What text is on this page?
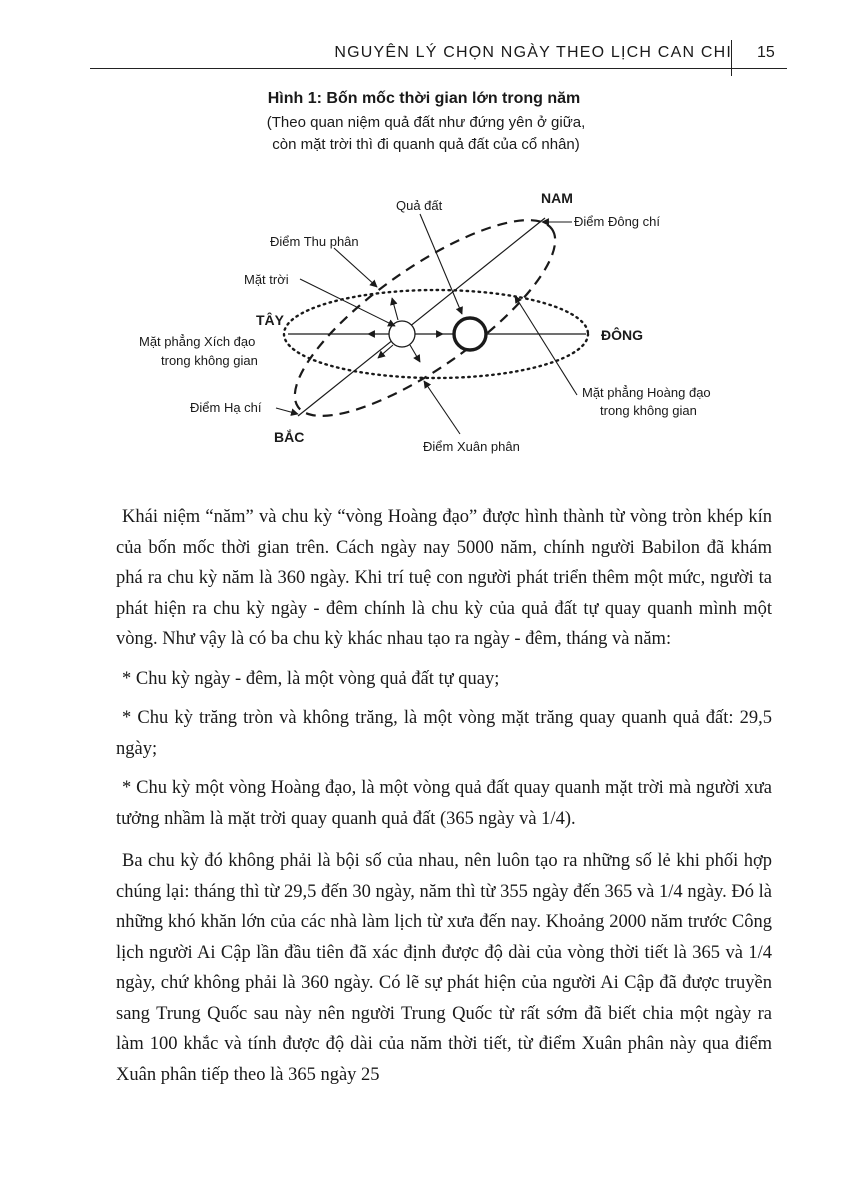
NGUYÊN LÝ CHỌN NGÀY THEO LỊCH CAN CHI 15
Hình 1: Bốn mốc thời gian lớn trong năm
(Theo quan niệm quả đất như đứng yên ở giữa,
còn mặt trời thì đi quanh quả đất của cổ nhân)
Quả đất	NAM
Điểm Đông chí
Điểm Thu phân
Mặt trời
TÂY
Mặt phẳng Xích đạo
trong không gian
ĐÔNG
Mặt phẳng Hoàng đạo
trong không gian
Điểm Hạ chí
BẮC
Điểm Xuân phân

Khái niệm “năm” và chu kỳ “vòng Hoàng đạo” được hình thành từ vòng tròn khép kín của bốn mốc thời gian trên. Cách ngày nay 5000 năm, chính người Babilon đã khám phá ra chu kỳ năm là 360 ngày. Khi trí tuệ con người phát triển thêm một mức, người ta phát hiện ra chu kỳ ngày - đêm chính là chu kỳ của quả đất tự quay quanh mình một vòng. Như vậy là có ba chu kỳ khác nhau tạo ra ngày - đêm, tháng và năm:

* Chu kỳ ngày - đêm, là một vòng quả đất tự quay;

* Chu kỳ trăng tròn và không trăng, là một vòng mặt trăng quay quanh quả đất: 29,5 ngày;

* Chu kỳ một vòng Hoàng đạo, là một vòng quả đất quay quanh mặt trời mà người xưa tưởng nhầm là mặt trời quay quanh quả đất (365 ngày và 1/4).

Ba chu kỳ đó không phải là bội số của nhau, nên luôn tạo ra những số lẻ khi phối hợp chúng lại: tháng thì từ 29,5 đến 30 ngày, năm thì từ 355 ngày đến 365 và 1/4 ngày. Đó là những khó khăn lớn của các nhà làm lịch từ xưa đến nay. Khoảng 2000 năm trước Công lịch người Ai Cập lần đầu tiên đã xác định được độ dài của vòng thời tiết là 365 và 1/4 ngày, chứ không phải là 360 ngày. Có lẽ sự phát hiện của người Ai Cập đã được truyền sang Trung Quốc sau này nên người Trung Quốc từ rất sớm đã biết chia một ngày ra làm 100 khắc và tính được độ dài của năm thời tiết, từ điểm Xuân phân này qua điểm Xuân phân tiếp theo là 365 ngày 25
